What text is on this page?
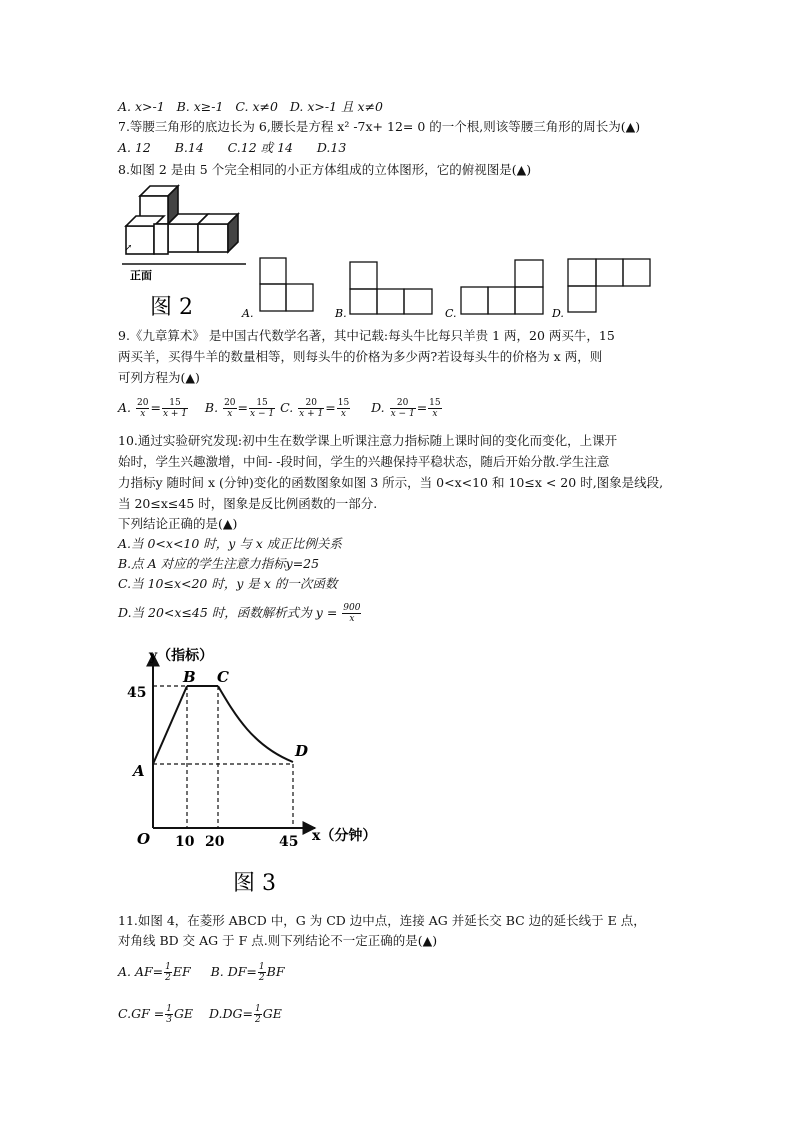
A. x>-1 B. x≥-1 C. x≠0 D. x>-1 且 x≠0
7.等腰三角形的底边长为 6,腰长是方程 x² -7x+ 12= 0 的一个根,则该等腰三角形的周长为(▲)
A. 12 B.14 C.12 或 14 D.13
8.如图 2 是由 5 个完全相同的小正方体组成的立体图形，它的俯视图是(▲)
↗
正面
图 2	A.	B.	C.	D.
9.《九章算术》 是中国古代数学名著，其中记载:每头牛比每只羊贵 1 两，20 两买牛，15
两买羊，买得牛羊的数量相等，则每头牛的价格为多少两?若设每头牛的价格为 x 两，则
可列方程为(▲)
A. $\frac{20}{x} = \frac{15}{x + 1} B$. $\frac{20}{x} = \frac{15}{x - 1} C$. $\frac{20}{x + 1} = \frac{15}{x} D$. $\frac{20}{x - 1} = \frac{15}{x}$
10.通过实验研究发现:初中生在数学课上听课注意力指标随上课时间的变化而变化，上课开
始时，学生兴趣激增，中间- -段时间，学生的兴趣保持平稳状态，随后开始分散.学生注意
力指标y 随时间 x (分钟)变化的函数图象如图 3 所示，当 0<x<10 和 10≤x < 20 时,图象是线段,
当 20≤x≤45 时，图象是反比例函数的一部分.
下列结论正确的是(▲)
A.当 0<x<10 时，y 与 x 成正比例关系
B.点 A 对应的学生注意力指标y=25
C.当 10≤x<20 时，y 是 x 的一次函数
D.当 20<x≤45 时，函数解析式为 $y = \frac{900}{x}$
y（指标）
x（分钟）
O
45
10 20	45
A
B C
D
图 3
11.如图 4，在菱形 ABCD 中，G 为 CD 边中点，连接 AG 并延长交 BC 边的延长线于 E 点，
对角线 BD 交 AG 于 F 点.则下列结论不一定正确的是(▲)
A. $AF= \frac{1}{2}$ EF B. $DF= \frac{1}{2}$ BF
$C.GF = \frac{1}{3}$ GE $D.DG= \frac{1}{2}$ GE
